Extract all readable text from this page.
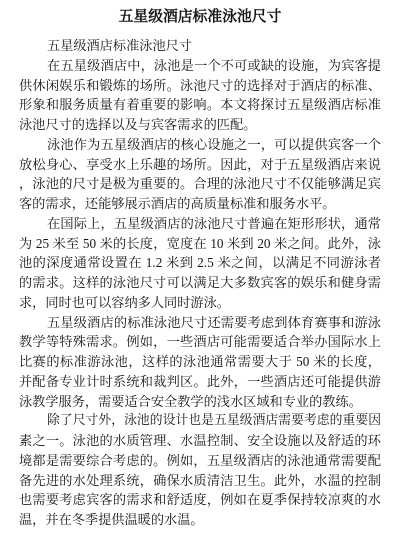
五星级酒店标准泳池尺寸
五星级酒店标准泳池尺寸
在五星级酒店中，泳池是一个不可或缺的设施，为宾客提
供休闲娱乐和锻炼的场所。泳池尺寸的选择对于酒店的标准、
形象和服务质量有着重要的影响。本文将探讨五星级酒店标准
泳池尺寸的选择以及与宾客需求的匹配。
泳池作为五星级酒店的核心设施之一，可以提供宾客一个
放松身心、享受水上乐趣的场所。因此，对于五星级酒店来说
，泳池的尺寸是极为重要的。合理的泳池尺寸不仅能够满足宾
客的需求，还能够展示酒店的高质量标准和服务水平。
在国际上，五星级酒店的泳池尺寸普遍在矩形形状，通常
为 25 米至 50 米的长度，宽度在 10 米到 20 米之间。此外，泳
池的深度通常设置在 1.2 米到 2.5 米之间，以满足不同游泳者
的需求。这样的泳池尺寸可以满足大多数宾客的娱乐和健身需
求，同时也可以容纳多人同时游泳。
五星级酒店的标准泳池尺寸还需要考虑到体育赛事和游泳
教学等特殊需求。例如，一些酒店可能需要适合举办国际水上
比赛的标准游泳池，这样的泳池通常需要大于 50 米的长度，
并配备专业计时系统和裁判区。此外，一些酒店还可能提供游
泳教学服务，需要适合安全教学的浅水区域和专业的教练。
除了尺寸外，泳池的设计也是五星级酒店需要考虑的重要因
素之一。泳池的水质管理、水温控制、安全设施以及舒适的环
境都是需要综合考虑的。例如，五星级酒店的泳池通常需要配
备先进的水处理系统，确保水质清洁卫生。此外，水温的控制
也需要考虑宾客的需求和舒适度，例如在夏季保持较凉爽的水
温，并在冬季提供温暖的水温。
